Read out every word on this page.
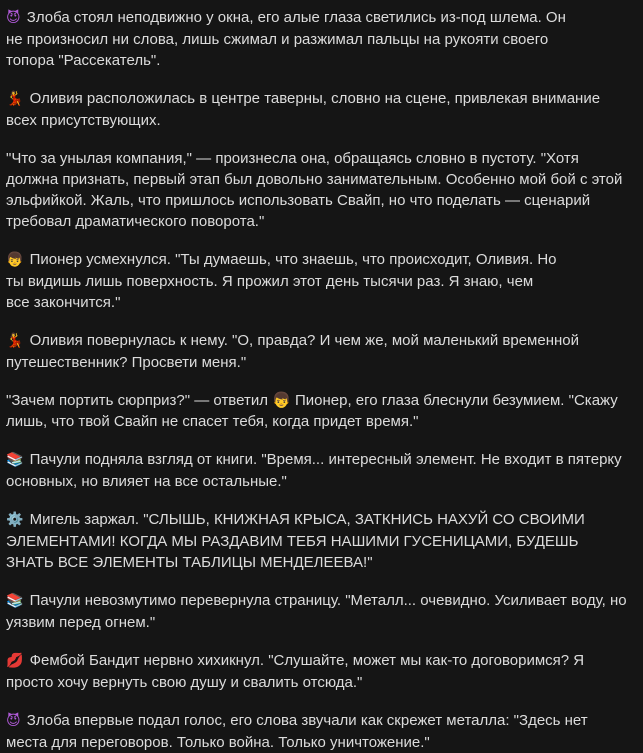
😈 Злоба стоял неподвижно у окна, его алые глаза светились из-под шлема. Он
не произносил ни слова, лишь сжимал и разжимал пальцы на рукояти своего
топора "Рассекатель".

💃 Оливия расположилась в центре таверны, словно на сцене, привлекая внимание
всех присутствующих.

"Что за унылая компания," — произнесла она, обращаясь словно в пустоту. "Хотя
должна признать, первый этап был довольно занимательным. Особенно мой бой с этой
эльфийкой. Жаль, что пришлось использовать Свайп, но что поделать — сценарий
требовал драматического поворота."

👦 Пионер усмехнулся. "Ты думаешь, что знаешь, что происходит, Оливия. Но
ты видишь лишь поверхность. Я прожил этот день тысячи раз. Я знаю, чем
все закончится."

💃 Оливия повернулась к нему. "О, правда? И чем же, мой маленький временной
путешественник? Просвети меня."

"Зачем портить сюрприз?" — ответил 👦 Пионер, его глаза блеснули безумием. "Скажу
лишь, что твой Свайп не спасет тебя, когда придет время."

📚 Пачули подняла взгляд от книги. "Время... интересный элемент. Не входит в пятерку
основных, но влияет на все остальные."

⚙️ Мигель заржал. "СЛЫШЬ, КНИЖНАЯ КРЫСА, ЗАТКНИСЬ НАХУЙ СО СВОИМИ
ЭЛЕМЕНТАМИ! КОГДА МЫ РАЗДАВИМ ТЕБЯ НАШИМИ ГУСЕНИЦАМИ, БУДЕШЬ
ЗНАТЬ ВСЕ ЭЛЕМЕНТЫ ТАБЛИЦЫ МЕНДЕЛЕЕВА!"

📚 Пачули невозмутимо перевернула страницу. "Металл... очевидно. Усиливает воду, но
уязвим перед огнем."

💋 Фембой Бандит нервно хихикнул. "Слушайте, может мы как-то договоримся? Я
просто хочу вернуть свою душу и свалить отсюда."

😈 Злоба впервые подал голос, его слова звучали как скрежет металла: "Здесь нет
места для переговоров. Только война. Только уничтожение."
